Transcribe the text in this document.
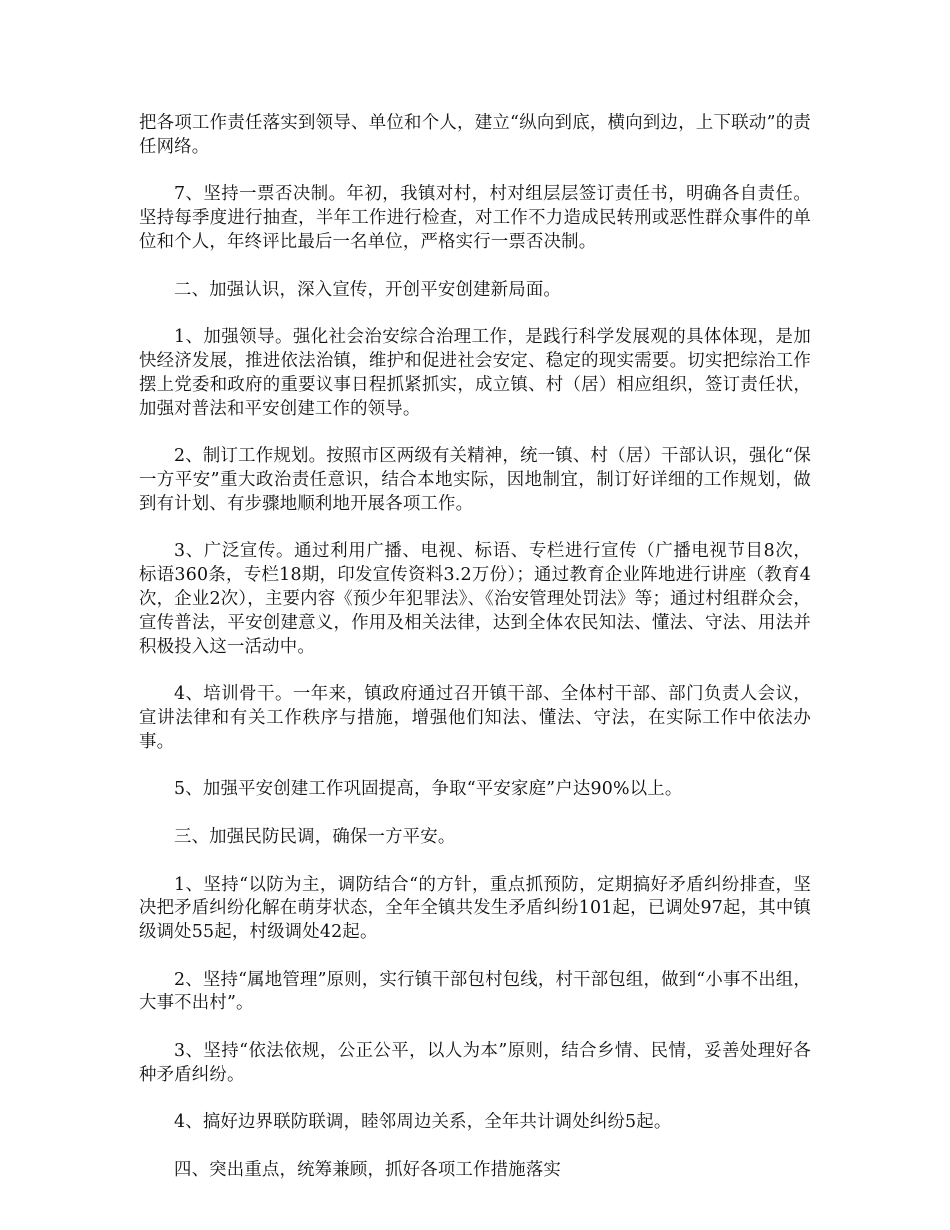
把各项工作责任落实到领导、单位和个人，建立“纵向到底，横向到边，上下联动”的责任网络。

7、坚持一票否决制。年初，我镇对村，村对组层层签订责任书，明确各自责任。坚持每季度进行抽查，半年工作进行检查，对工作不力造成民转刑或恶性群众事件的单位和个人，年终评比最后一名单位，严格实行一票否决制。

二、加强认识，深入宣传，开创平安创建新局面。

1、加强领导。强化社会治安综合治理工作，是践行科学发展观的具体体现，是加快经济发展，推进依法治镇，维护和促进社会安定、稳定的现实需要。切实把综治工作摆上党委和政府的重要议事日程抓紧抓实，成立镇、村（居）相应组织，签订责任状，加强对普法和平安创建工作的领导。

2、制订工作规划。按照市区两级有关精神，统一镇、村（居）干部认识，强化“保一方平安”重大政治责任意识，结合本地实际，因地制宜，制订好详细的工作规划，做到有计划、有步骤地顺利地开展各项工作。

3、广泛宣传。通过利用广播、电视、标语、专栏进行宣传（广播电视节目8次，标语360条，专栏18期，印发宣传资料3.2万份）；通过教育企业阵地进行讲座（教育4次，企业2次），主要内容《预少年犯罪法》、《治安管理处罚法》等；通过村组群众会，宣传普法，平安创建意义，作用及相关法律，达到全体农民知法、懂法、守法、用法并积极投入这一活动中。

4、培训骨干。一年来，镇政府通过召开镇干部、全体村干部、部门负责人会议，宣讲法律和有关工作秩序与措施，增强他们知法、懂法、守法，在实际工作中依法办事。

5、加强平安创建工作巩固提高，争取“平安家庭”户达90%以上。

三、加强民防民调，确保一方平安。

1、坚持“以防为主，调防结合“的方针，重点抓预防，定期搞好矛盾纠纷排查，坚决把矛盾纠纷化解在萌芽状态，全年全镇共发生矛盾纠纷101起，已调处97起，其中镇级调处55起，村级调处42起。

2、坚持“属地管理”原则，实行镇干部包村包线，村干部包组，做到“小事不出组，大事不出村”。

3、坚持“依法依规，公正公平，以人为本”原则，结合乡情、民情，妥善处理好各种矛盾纠纷。

4、搞好边界联防联调，睦邻周边关系，全年共计调处纠纷5起。

四、突出重点，统筹兼顾，抓好各项工作措施落实
